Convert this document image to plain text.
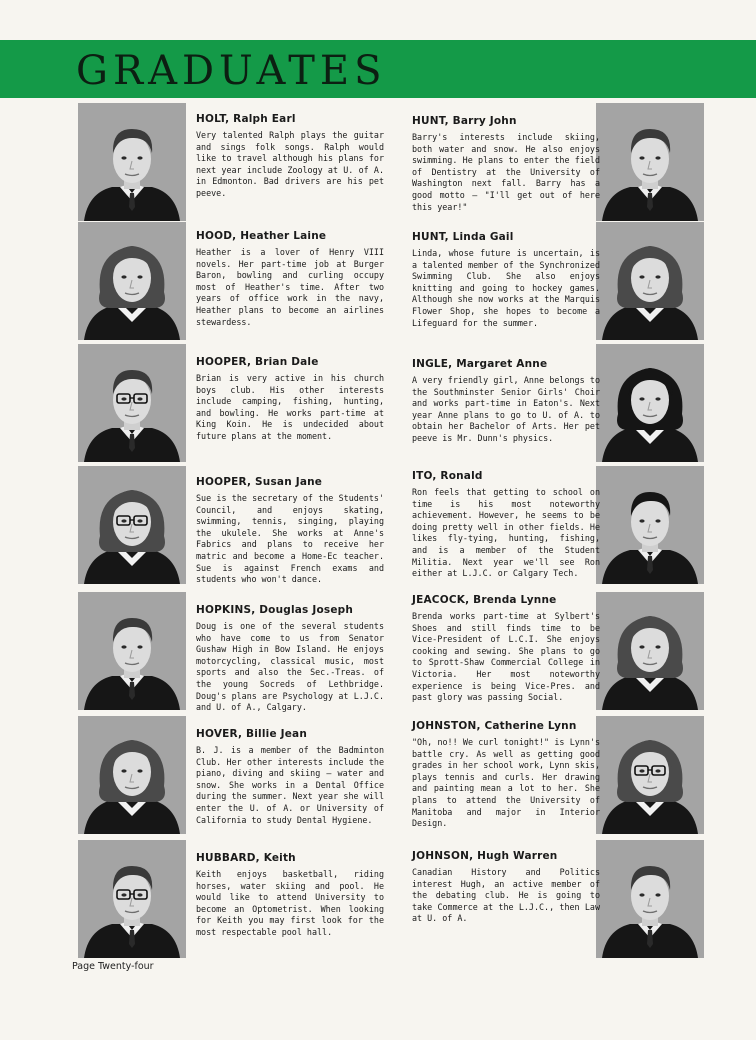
GRADUATES
HOLT, Ralph Earl

Very talented Ralph plays the guitar and sings folk songs. Ralph would like to travel although his plans for next year include Zoology at U. of A. in Edmonton. Bad drivers are his pet peeve.

HOOD, Heather Laine

Heather is a lover of Henry VIII novels. Her part-time job at Burger Baron, bowling and curling occupy most of Heather's time. After two years of office work in the navy, Heather plans to become an airlines stewardess.

HOOPER, Brian Dale

Brian is very active in his church boys club. His other interests include camping, fishing, hunting, and bowling. He works part-time at King Koin. He is undecided about future plans at the moment.

HOOPER, Susan Jane

Sue is the secretary of the Students' Council, and enjoys skating, swimming, tennis, singing, playing the ukulele. She works at Anne's Fabrics and plans to receive her matric and become a Home-Ec teacher. Sue is against French exams and students who won't dance.

HOPKINS, Douglas Joseph

Doug is one of the several students who have come to us from Senator Gushaw High in Bow Island. He enjoys motorcycling, classical music, most sports and also the Sec.-Treas. of the young Socreds of Lethbridge. Doug's plans are Psychology at L.J.C. and U. of A., Calgary.

HOVER, Billie Jean

B. J. is a member of the Badminton Club. Her other interests include the piano, diving and skiing — water and snow. She works in a Dental Office during the summer. Next year she will enter the U. of A. or University of California to study Dental Hygiene.

HUBBARD, Keith

Keith enjoys basketball, riding horses, water skiing and pool. He would like to attend University to become an Optometrist. When looking for Keith you may first look for the most respectable pool hall.

HUNT, Barry John

Barry's interests include skiing, both water and snow. He also enjoys swimming. He plans to enter the field of Dentistry at the University of Washington next fall. Barry has a good motto — "I'll get out of here this year!"

HUNT, Linda Gail

Linda, whose future is uncertain, is a talented member of the Synchronized Swimming Club. She also enjoys knitting and going to hockey games. Although she now works at the Marquis Flower Shop, she hopes to become a Lifeguard for the summer.

INGLE, Margaret Anne

A very friendly girl, Anne belongs to the Southminster Senior Girls' Choir and works part-time in Eaton's. Next year Anne plans to go to U. of A. to obtain her Bachelor of Arts. Her pet peeve is Mr. Dunn's physics.

ITO, Ronald

Ron feels that getting to school on time is his most noteworthy achievement. However, he seems to be doing pretty well in other fields. He likes fly-tying, hunting, fishing, and is a member of the Student Militia. Next year we'll see Ron either at L.J.C. or Calgary Tech.

JEACOCK, Brenda Lynne

Brenda works part-time at Sylbert's Shoes and still finds time to be Vice-President of L.C.I. She enjoys cooking and sewing. She plans to go to Sprott-Shaw Commercial College in Victoria. Her most noteworthy experience is being Vice-Pres. and past glory was passing Social.

JOHNSTON, Catherine Lynn

"Oh, no!! We curl tonight!" is Lynn's battle cry. As well as getting good grades in her school work, Lynn skis, plays tennis and curls. Her drawing and painting mean a lot to her. She plans to attend the University of Manitoba and major in Interior Design.

JOHNSON, Hugh Warren

Canadian History and Politics interest Hugh, an active member of the debating club. He is going to take Commerce at the L.J.C., then Law at U. of A.

Page Twenty-four
